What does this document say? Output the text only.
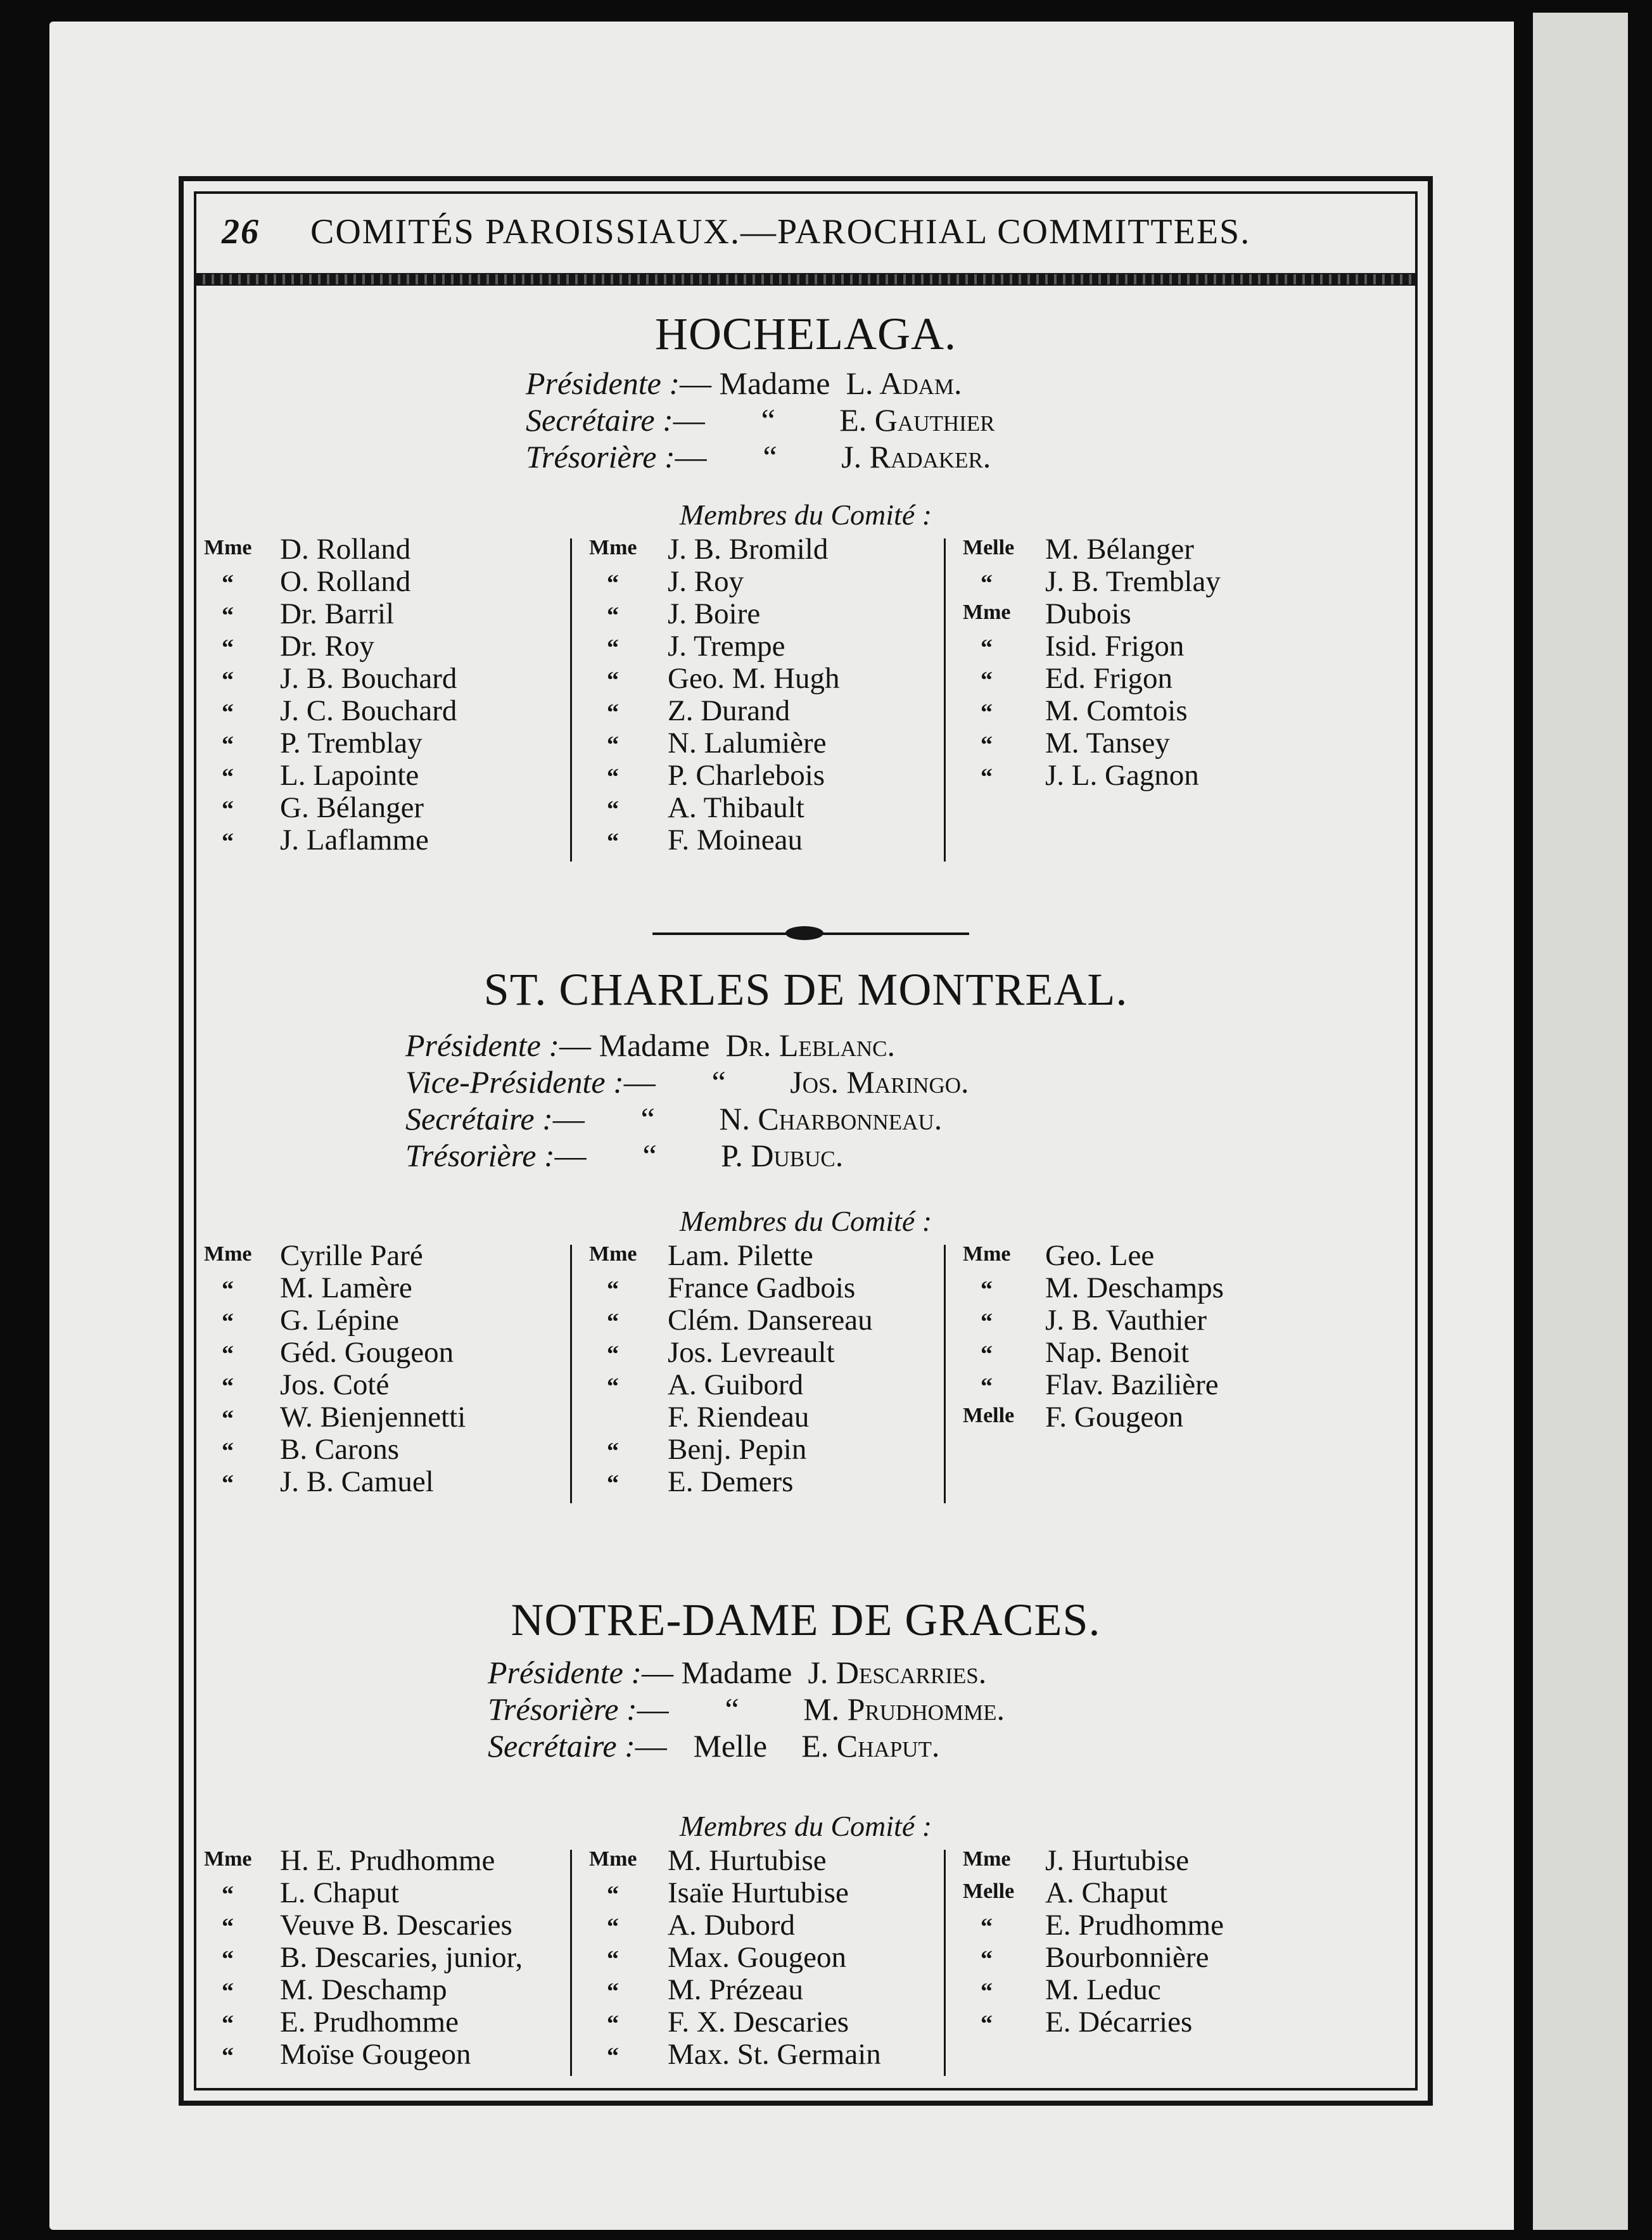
26 COMITÉS PAROISSIAUX.—PAROCHIAL COMMITTEES.
HOCHELAGA.
Présidente :— Madame L. Adam.
Secrétaire :— “ E. Gauthier
Trésorière :— “ J. Radaker.
Membres du Comité :
Mme D. Rolland
“ O. Rolland
“ Dr. Barril
“ Dr. Roy
“ J. B. Bouchard
“ J. C. Bouchard
“ P. Tremblay
“ L. Lapointe
“ G. Bélanger
“ J. Laflamme
Mme J. B. Bromild
“ J. Roy
“ J. Boire
“ J. Trempe
“ Geo. M. Hugh
“ Z. Durand
“ N. Lalumière
“ P. Charlebois
“ A. Thibault
“ F. Moineau
Melle M. Bélanger
“ J. B. Tremblay
Mme Dubois
“ Isid. Frigon
“ Ed. Frigon
“ M. Comtois
“ M. Tansey
“ J. L. Gagnon
ST. CHARLES DE MONTREAL.
Présidente :— Madame Dr. Leblanc.
Vice-Présidente :— “ Jos. Maringo.
Secrétaire :— “ N. Charbonneau.
Trésorière :— “ P. Dubuc.
Membres du Comité :
Mme Cyrille Paré
“ M. Lamère
“ G. Lépine
“ Géd. Gougeon
“ Jos. Coté
“ W. Bienjennetti
“ B. Carons
“ J. B. Camuel
Mme Lam. Pilette
“ France Gadbois
“ Clém. Dansereau
“ Jos. Levreault
“ A. Guibord
F. Riendeau
“ Benj. Pepin
“ E. Demers
Mme Geo. Lee
“ M. Deschamps
“ J. B. Vauthier
“ Nap. Benoit
“ Flav. Bazilière
Melle F. Gougeon
NOTRE-DAME DE GRACES.
Présidente :— Madame J. Descarries.
Trésorière :— “ M. Prudhomme.
Secrétaire :— Melle E. Chaput.
Membres du Comité :
Mme H. E. Prudhomme
“ L. Chaput
“ Veuve B. Descaries
“ B. Descaries, junior,
“ M. Deschamp
“ E. Prudhomme
“ Moïse Gougeon
Mme M. Hurtubise
“ Isaïe Hurtubise
“ A. Dubord
“ Max. Gougeon
“ M. Prézeau
“ F. X. Descaries
“ Max. St. Germain
Mme J. Hurtubise
Melle A. Chaput
“ E. Prudhomme
“ Bourbonnière
“ M. Leduc
“ E. Décarries
